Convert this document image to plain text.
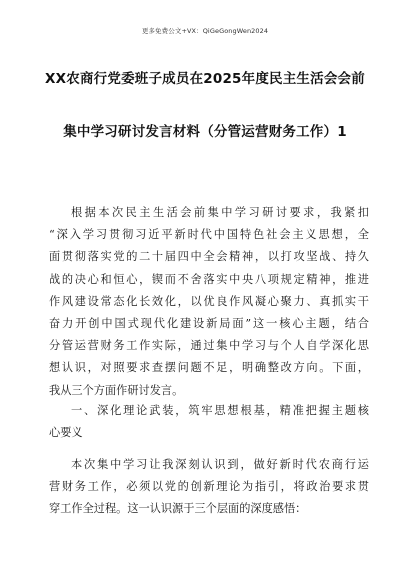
更多免费公文+VX：QiGeGongWen2024
XX农商行党委班子成员在2025年度民主生活会会前
集中学习研讨发言材料（分管运营财务工作）1
根据本次民主生活会前集中学习研讨要求，我紧扣
“深入学习贯彻习近平新时代中国特色社会主义思想，全
面贯彻落实党的二十届四中全会精神，以打攻坚战、持久
战的决心和恒心，锲而不舍落实中央八项规定精神，推进
作风建设常态化长效化，以优良作风凝心聚力、真抓实干
奋力开创中国式现代化建设新局面”这一核心主题，结合
分管运营财务工作实际，通过集中学习与个人自学深化思
想认识，对照要求查摆问题不足，明确整改方向。下面，
我从三个方面作研讨发言。
一、深化理论武装，筑牢思想根基，精准把握主题核
心要义
本次集中学习让我深刻认识到，做好新时代农商行运
营财务工作，必须以党的创新理论为指引，将政治要求贯
穿工作全过程。这一认识源于三个层面的深度感悟：
